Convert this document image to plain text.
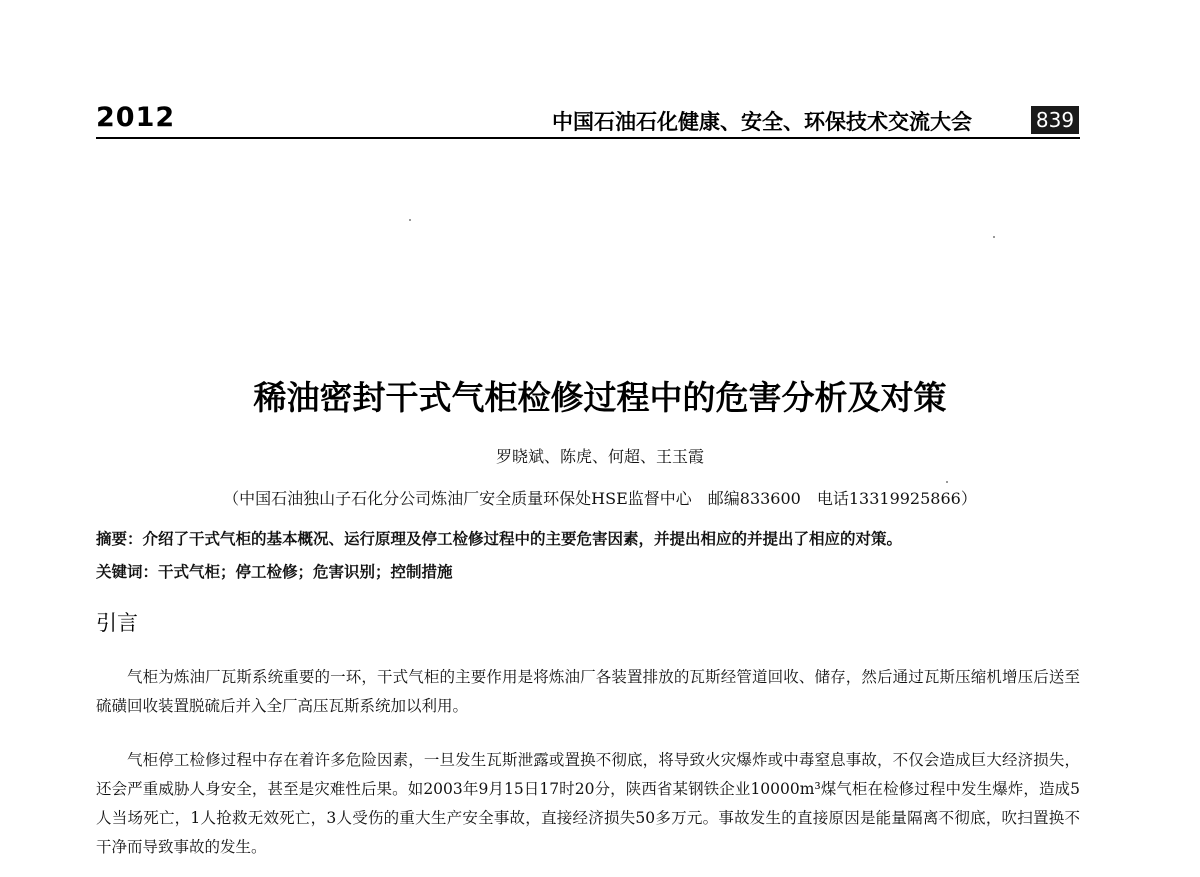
2012	中国石油石化健康、安全、环保技术交流大会	839
稀油密封干式气柜检修过程中的危害分析及对策
罗晓斌、陈虎、何超、王玉霞
（中国石油独山子石化分公司炼油厂安全质量环保处HSE监督中心　邮编833600　电话13319925866）
摘要：介绍了干式气柜的基本概况、运行原理及停工检修过程中的主要危害因素，并提出相应的并提出了相应的对策。
关键词：干式气柜；停工检修；危害识别；控制措施
引言
气柜为炼油厂瓦斯系统重要的一环，干式气柜的主要作用是将炼油厂各装置排放的瓦斯经管道回收、储存，然后通过瓦斯压缩机增压后送至硫磺回收装置脱硫后并入全厂高压瓦斯系统加以利用。
气柜停工检修过程中存在着许多危险因素，一旦发生瓦斯泄露或置换不彻底，将导致火灾爆炸或中毒窒息事故，不仅会造成巨大经济损失，还会严重威胁人身安全，甚至是灾难性后果。如2003年9月15日17时20分，陕西省某钢铁企业10000m³煤气柜在检修过程中发生爆炸，造成5人当场死亡，1人抢救无效死亡，3人受伤的重大生产安全事故，直接经济损失50多万元。事故发生的直接原因是能量隔离不彻底，吹扫置换不干净而导致事故的发生。
